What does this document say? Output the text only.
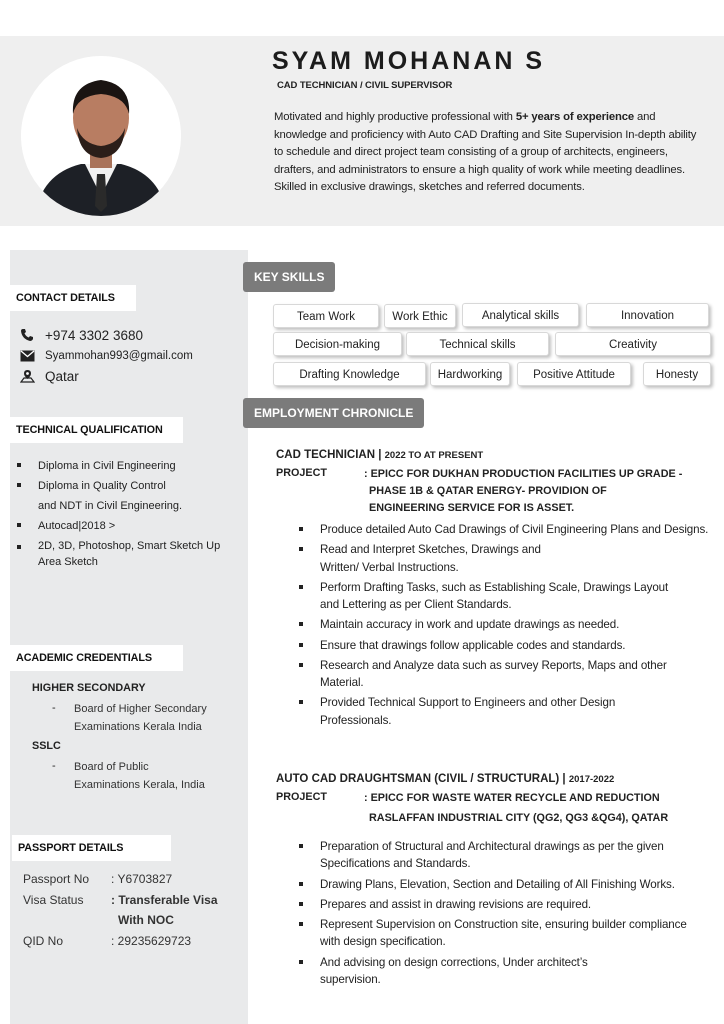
SYAM MOHANAN S
CAD TECHNICIAN / CIVIL SUPERVISOR
Motivated and highly productive professional with 5+ years of experience and knowledge and proficiency with Auto CAD Drafting and Site Supervision In-depth ability to schedule and direct project team consisting of a group of architects, engineers, drafters, and administrators to ensure a high quality of work while meeting deadlines. Skilled in exclusive drawings, sketches and referred documents.
CONTACT DETAILS
+974 3302 3680
Syammohan993@gmail.com
Qatar
TECHNICAL QUALIFICATION
Diploma in Civil Engineering
Diploma in Quality Control
and NDT in Civil Engineering.
Autocad|2018 >
2D, 3D, Photoshop, Smart Sketch Up Area Sketch
ACADEMIC CREDENTIALS
HIGHER SECONDARY
- Board of Higher Secondary
Examinations Kerala India
SSLC
- Board of Public
Examinations Kerala, India
PASSPORT DETAILS
Passport No : Y6703827
Visa Status : Transferable Visa
With NOC
QID No	: 29235629723
KEY SKILLS
Team Work	Work Ethic	Analytical skills	Innovation
Decision-making	Technical skills	Creativity
Drafting Knowledge	Hardworking	Positive Attitude	Honesty
EMPLOYMENT CHRONICLE
CAD TECHNICIAN | 2022 TO AT PRESENT
PROJECT	: EPICC FOR DUKHAN PRODUCTION FACILITIES UP GRADE -
PHASE 1B & QATAR ENERGY- PROVIDION OF
ENGINEERING SERVICE FOR IS ASSET.
Produce detailed Auto Cad Drawings of Civil Engineering Plans and Designs.
Read and Interpret Sketches, Drawings and Written/ Verbal Instructions.
Perform Drafting Tasks, such as Establishing Scale, Drawings Layout and Lettering as per Client Standards.
Maintain accuracy in work and update drawings as needed.
Ensure that drawings follow applicable codes and standards.
Research and Analyze data such as survey Reports, Maps and other Material.
Provided Technical Support to Engineers and other Design Professionals.
AUTO CAD DRAUGHTSMAN (CIVIL / STRUCTURAL) | 2017-2022
PROJECT	: EPICC FOR WASTE WATER RECYCLE AND REDUCTION
RASLAFFAN INDUSTRIAL CITY (QG2, QG3 &QG4), QATAR
Preparation of Structural and Architectural drawings as per the given Specifications and Standards.
Drawing Plans, Elevation, Section and Detailing of All Finishing Works.
Prepares and assist in drawing revisions are required.
Represent Supervision on Construction site, ensuring builder compliance with design specification.
And advising on design corrections, Under architect’s supervision.
